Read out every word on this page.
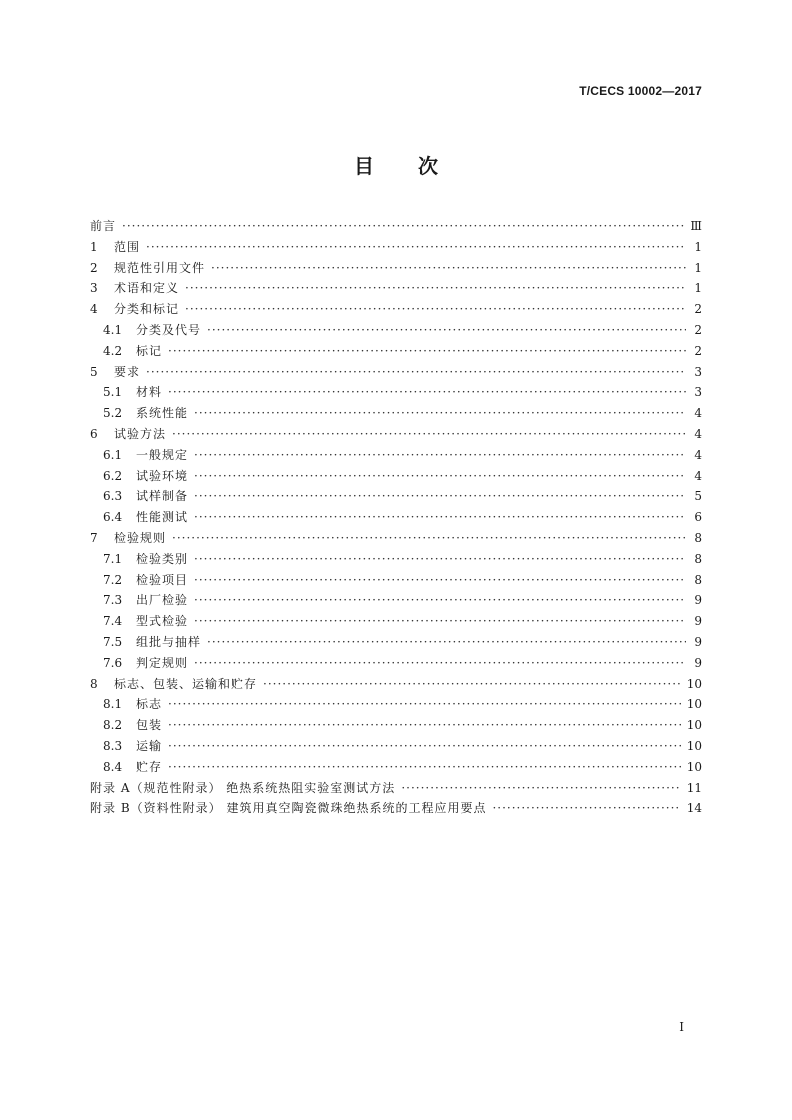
T/CECS 10002—2017
目 次
前言 ·····	Ⅲ
1	范围 ·····	1
2	规范性引用文件 ·····	1
3	术语和定义 ·····	1
4	分类和标记 ·····	2
4.1	分类及代号 ·····	2
4.2	标记 ·····	2
5	要求 ·····	3
5.1	材料 ·····	3
5.2	系统性能 ·····	4
6	试验方法 ·····	4
6.1	一般规定 ·····	4
6.2	试验环境 ·····	4
6.3	试样制备 ·····	5
6.4	性能测试 ·····	6
7	检验规则 ·····	8
7.1	检验类别 ·····	8
7.2	检验项目 ·····	8
7.3	出厂检验 ·····	9
7.4	型式检验 ·····	9
7.5	组批与抽样 ·····	9
7.6	判定规则 ·····	9
8	标志、包装、运输和贮存 ·····	10
8.1	标志 ·····	10
8.2	包装 ·····	10
8.3	运输 ·····	10
8.4	贮存 ·····	10
附录 A（规范性附录） 绝热系统热阻实验室测试方法 ·····	11
附录 B（资料性附录） 建筑用真空陶瓷微珠绝热系统的工程应用要点 ·····	14
I
